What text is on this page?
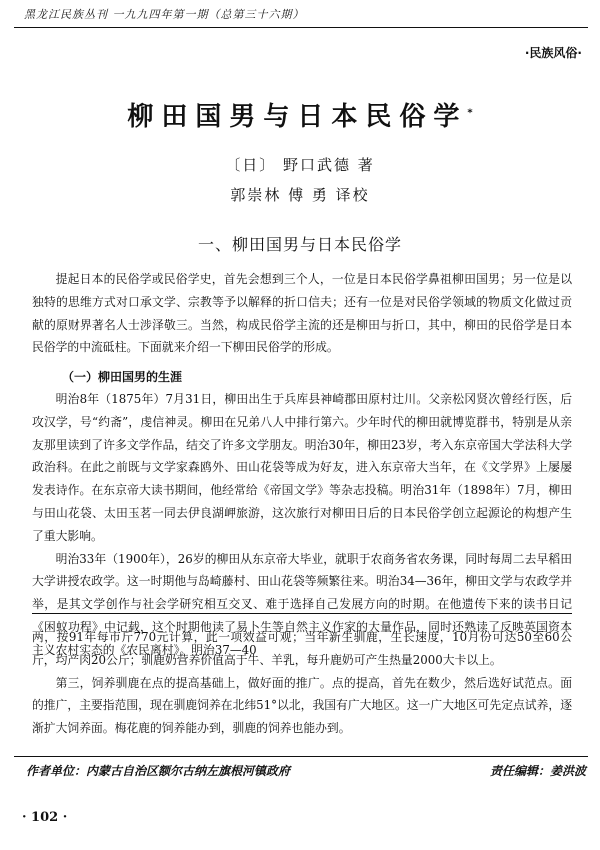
黑龙江民族丛刊 一九九四年第一期（总第三十六期）
·民族风俗·
柳田国男与日本民俗学*
〔日〕 野口武德 著
郭崇林 傅 勇 译校
一、柳田国男与日本民俗学

提起日本的民俗学或民俗学史，首先会想到三个人，一位是日本民俗学鼻祖柳田国男；另一位是以独特的思维方式对口承文学、宗教等予以解释的折口信夫；还有一位是对民俗学领域的物质文化做过贡献的原财界著名人士涉泽敬三。当然，构成民俗学主流的还是柳田与折口，其中，柳田的民俗学是日本民俗学的中流砥柱。下面就来介绍一下柳田民俗学的形成。

（一）柳田国男的生涯

明治8年（1875年）7月31日，柳田出生于兵库县神崎郡田原村辻川。父亲松冈贤次曾经行医，后攻汉学，号“约斋”，虔信神灵。柳田在兄弟八人中排行第六。少年时代的柳田就博览群书，特别是从亲友那里读到了许多文学作品，结交了许多文学朋友。明治30年，柳田23岁，考入东京帝国大学法科大学政治科。在此之前既与文学家森鸥外、田山花袋等成为好友，进入东京帝大当年，在《文学界》上屡屡发表诗作。在东京帝大读书期间，他经常给《帝国文学》等杂志投稿。明治31年（1898年）7月，柳田与田山花袋、太田玉茗一同去伊良湖岬旅游，这次旅行对柳田日后的日本民俗学创立起源论的构想产生了重大影响。

明治33年（1900年），26岁的柳田从东京帝大毕业，就职于农商务省农务课，同时每周二去早稻田大学讲授农政学。这一时期他与岛崎藤村、田山花袋等频繁往来。明治34—36年，柳田文学与农政学并举，是其文学创作与社会学研究相互交叉、难于选择自己发展方向的时期。在他遗传下来的读书日记《困蚁功程》中记载，这个时期他读了易卜生等自然主义作家的大量作品，同时还熟读了反映英国资本主义农村实态的《农民离村》。明治37—40

两，按91年每市斤770元计算，此一项效益可观；当年新生驯鹿，生长速度，10月份可达50至60公斤，均产肉20公斤；驯鹿奶营养价值高于牛、羊乳，每升鹿奶可产生热量2000大卡以上。

第三，饲养驯鹿在点的提高基础上，做好面的推广。点的提高，首先在数少，然后选好试范点。面的推广，主要指范围，现在驯鹿饲养在北纬51°以北，我国有广大地区。这一广大地区可先定点试养，逐渐扩大饲养面。梅花鹿的饲养能办到，驯鹿的饲养也能办到。

作者单位：内蒙古自治区额尔古纳左旗根河镇政府	责任编辑：姜洪波
· 102 ·
